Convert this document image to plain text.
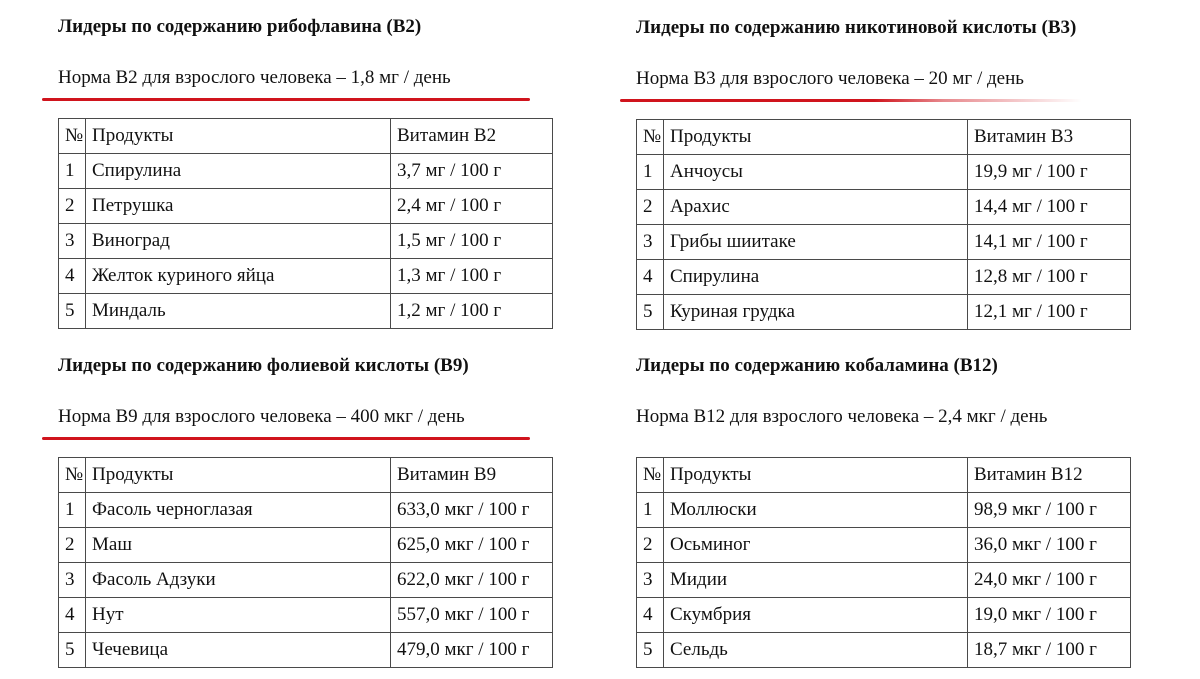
Лидеры по содержанию рибофлавина (В2)
Норма В2 для взрослого человека – 1,8 мг / день
№	Продукты	Витамин В2
1	Спирулина	3,7 мг / 100 г
2	Петрушка	2,4 мг / 100 г
3	Виноград	1,5 мг / 100 г
4	Желток куриного яйца	1,3 мг / 100 г
5	Миндаль	1,2 мг / 100 г
Лидеры по содержанию никотиновой кислоты (В3)
Норма В3 для взрослого человека – 20 мг / день
№	Продукты	Витамин В3
1	Анчоусы	19,9 мг / 100 г
2	Арахис	14,4 мг / 100 г
3	Грибы шиитаке	14,1 мг / 100 г
4	Спирулина	12,8 мг / 100 г
5	Куриная грудка	12,1 мг / 100 г
Лидеры по содержанию фолиевой кислоты (В9)
Норма В9 для взрослого человека – 400 мкг / день
№	Продукты	Витамин В9
1	Фасоль черноглазая	633,0 мкг / 100 г
2	Маш	625,0 мкг / 100 г
3	Фасоль Адзуки	622,0 мкг / 100 г
4	Нут	557,0 мкг / 100 г
5	Чечевица	479,0 мкг / 100 г
Лидеры по содержанию кобаламина (В12)
Норма В12 для взрослого человека – 2,4 мкг / день
№	Продукты	Витамин В12
1	Моллюски	98,9 мкг / 100 г
2	Осьминог	36,0 мкг / 100 г
3	Мидии	24,0 мкг / 100 г
4	Скумбрия	19,0 мкг / 100 г
5	Сельдь	18,7 мкг / 100 г
